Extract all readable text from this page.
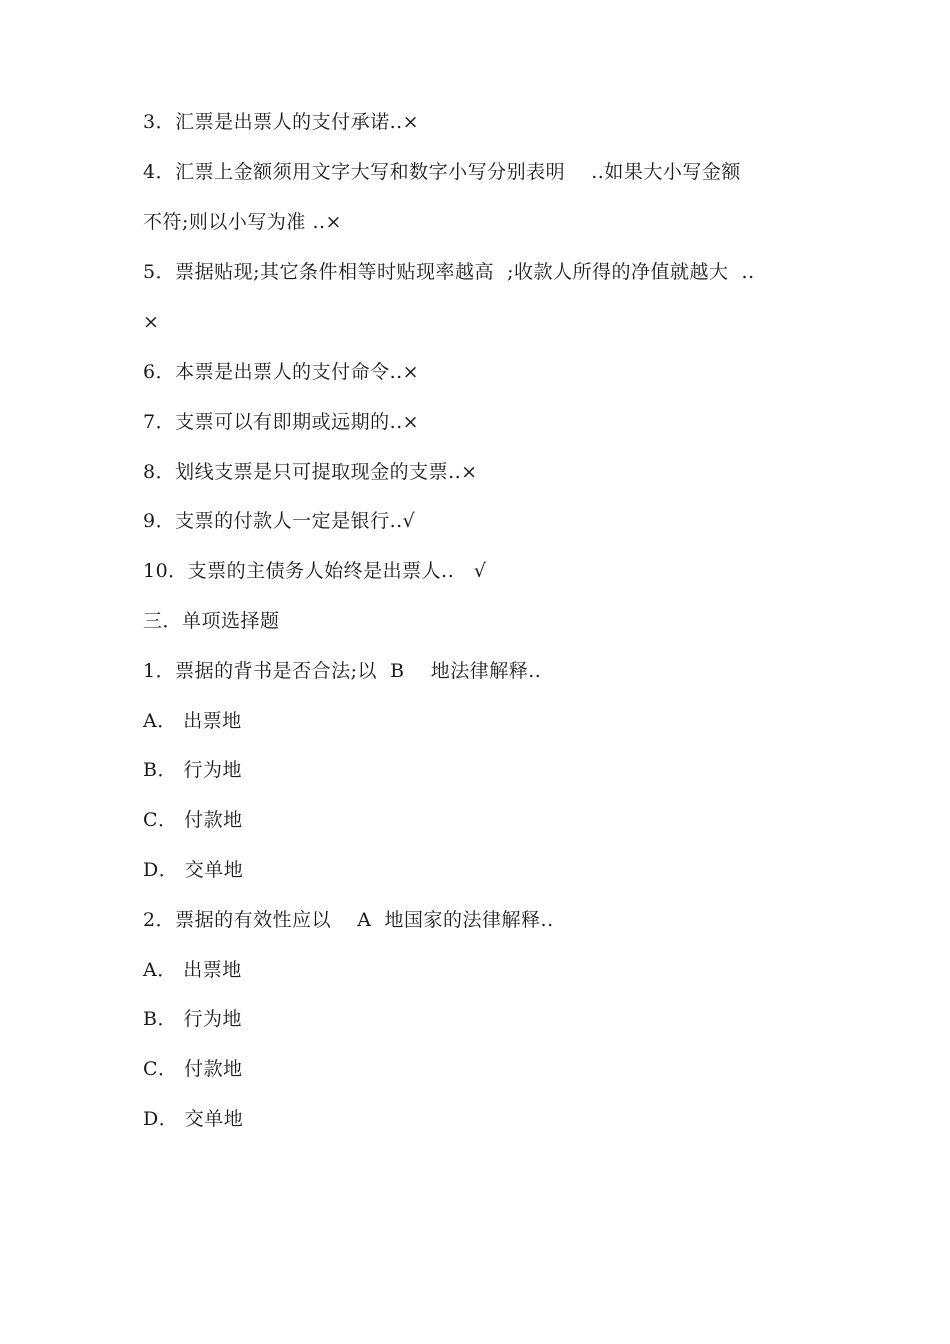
3．汇票是出票人的支付承诺..×
4．汇票上金额须用文字大写和数字小写分别表明    ..如果大小写金额
不符;则以小写为准 ..×
5．票据贴现;其它条件相等时贴现率越高  ;收款人所得的净值就越大  ..
×
6．本票是出票人的支付命令..×
7．支票可以有即期或远期的..×
8．划线支票是只可提取现金的支票..×
9．支票的付款人一定是银行..√
10．支票的主债务人始终是出票人..   √
三．单项选择题
1．票据的背书是否合法;以  B    地法律解释..
A． 出票地
B． 行为地
C． 付款地
D． 交单地
2．票据的有效性应以    A  地国家的法律解释..
A． 出票地
B． 行为地
C． 付款地
D． 交单地
